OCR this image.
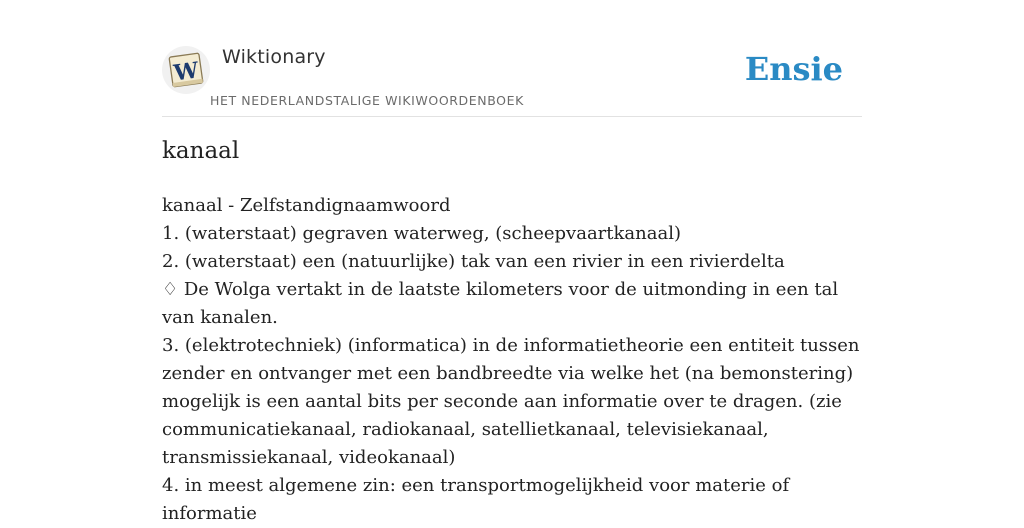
W
Wiktionary
HET NEDERLANDSTALIGE WIKIWOORDENBOEK
Ensie
kanaal
kanaal - Zelfstandignaamwoord
1. (waterstaat) gegraven waterweg, (scheepvaartkanaal)
2. (waterstaat) een (natuurlijke) tak van een rivier in een rivierdelta
♢ De Wolga vertakt in de laatste kilometers voor de uitmonding in een tal van kanalen.
3. (elektrotechniek) (informatica) in de informatietheorie een entiteit tussen zender en ontvanger met een bandbreedte via welke het (na bemonstering) mogelijk is een aantal bits per seconde aan informatie over te dragen. (zie communicatiekanaal, radiokanaal, satellietkanaal, televisiekanaal, transmissiekanaal, videokanaal)
4. in meest algemene zin: een transportmogelijkheid voor materie of informatie
